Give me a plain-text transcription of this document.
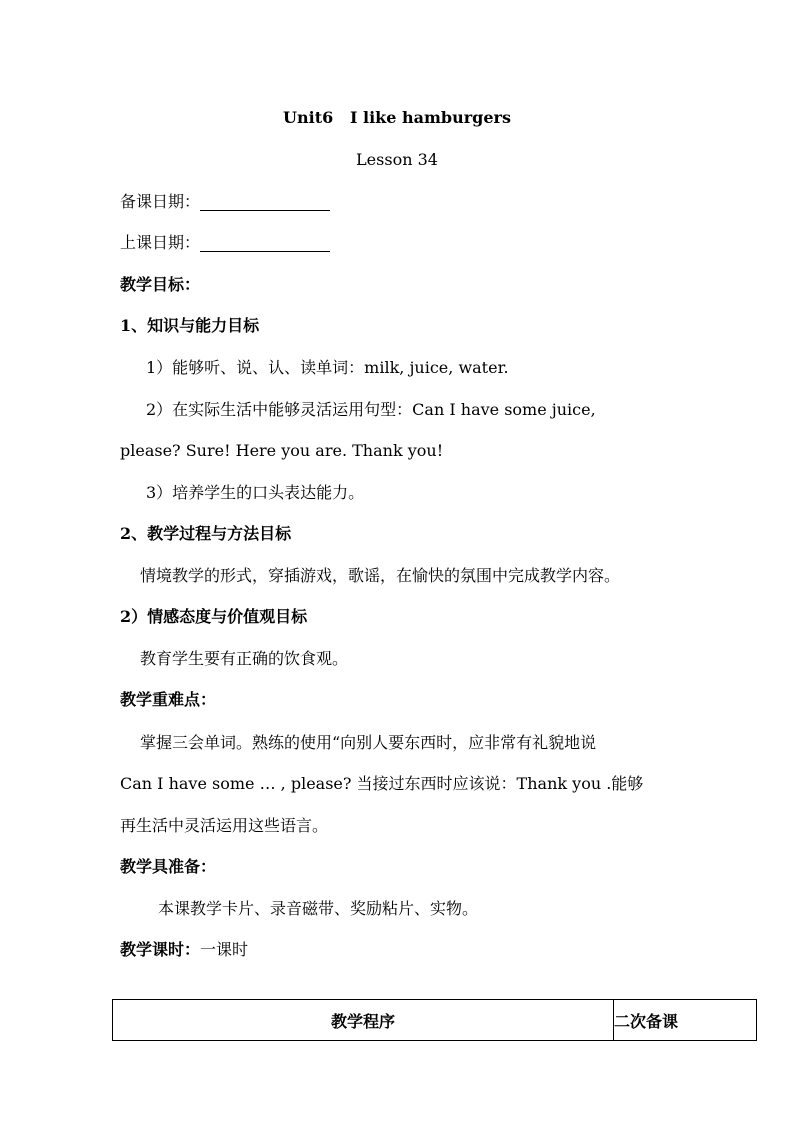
Unit6 I like hamburgers
Lesson 34
备课日期：
上课日期：
教学目标：
1、知识与能力目标
1）能够听、说、认、读单词：milk, juice, water.
2）在实际生活中能够灵活运用句型：Can I have some juice,
please? Sure! Here you are. Thank you!
3）培养学生的口头表达能力。
2、教学过程与方法目标
情境教学的形式，穿插游戏，歌谣，在愉快的氛围中完成教学内容。
2）情感态度与价值观目标
教育学生要有正确的饮食观。
教学重难点：
掌握三会单词。熟练的使用“向别人要东西时，应非常有礼貌地说
Can I have some … , please? 当接过东西时应该说：Thank you .能够
再生活中灵活运用这些语言。
教学具准备：
本课教学卡片、录音磁带、奖励粘片、实物。
教学课时：一课时
教学程序	二次备课
